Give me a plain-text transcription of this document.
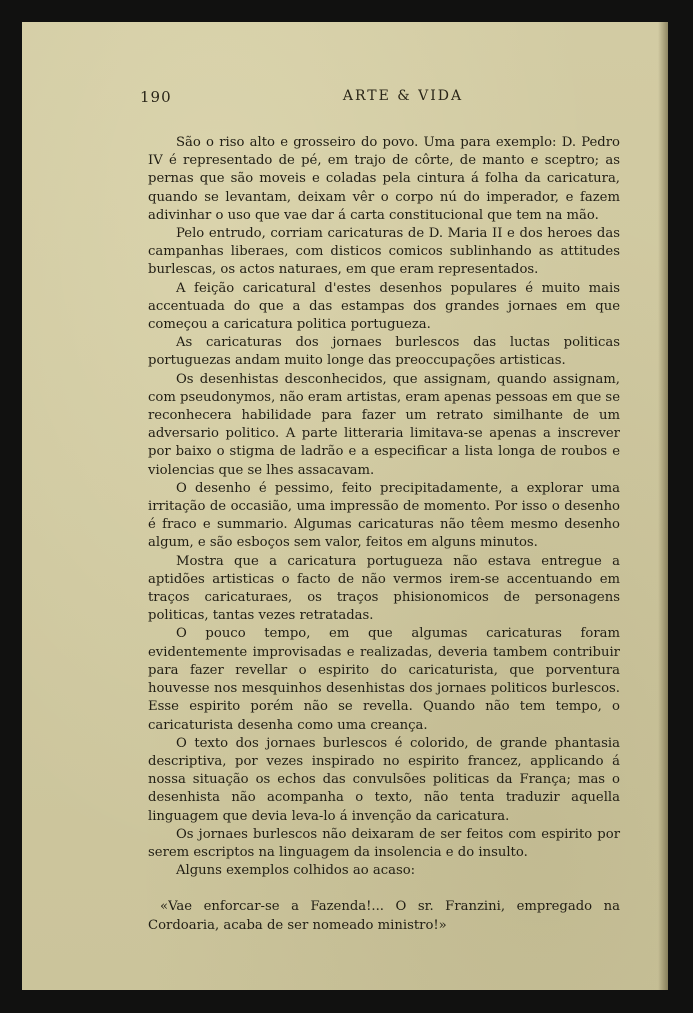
190	ARTE & VIDA

São o riso alto e grosseiro do povo. Uma para exemplo: D. Pedro IV é representado de pé, em trajo de côrte, de manto e sceptro; as pernas que são moveis e coladas pela cintura á folha da caricatura, quando se levantam, deixam vêr o corpo nú do imperador, e fazem adivinhar o uso que vae dar á carta constitucional que tem na mão.

Pelo entrudo, corriam caricaturas de D. Maria II e dos heroes das campanhas liberaes, com disticos comicos sublinhando as attitudes burlescas, os actos naturaes, em que eram representados.

A feição caricatural d'estes desenhos populares é muito mais accentuada do que a das estampas dos grandes jornaes em que começou a caricatura politica portugueza.

As caricaturas dos jornaes burlescos das luctas politicas portuguezas andam muito longe das preoccupações artisticas.

Os desenhistas desconhecidos, que assignam, quando assignam, com pseudonymos, não eram artistas, eram apenas pessoas em que se reconhecera habilidade para fazer um retrato similhante de um adversario politico. A parte litteraria limitava-se apenas a inscrever por baixo o stigma de ladrão e a especificar a lista longa de roubos e violencias que se lhes assacavam.

O desenho é pessimo, feito precipitadamente, a explorar uma irritação de occasião, uma impressão de momento. Por isso o desenho é fraco e summario. Algumas caricaturas não têem mesmo desenho algum, e são esboços sem valor, feitos em alguns minutos.

Mostra que a caricatura portugueza não estava entregue a aptidões artisticas o facto de não vermos irem-se accentuando em traços caricaturaes, os traços phisionomicos de personagens politicas, tantas vezes retratadas.

O pouco tempo, em que algumas caricaturas foram evidentemente improvisadas e realizadas, deveria tambem contribuir para fazer revellar o espirito do caricaturista, que porventura houvesse nos mesquinhos desenhistas dos jornaes politicos burlescos. Esse espirito porém não se revella. Quando não tem tempo, o caricaturista desenha como uma creança.

O texto dos jornaes burlescos é colorido, de grande phantasia descriptiva, por vezes inspirado no espirito francez, applicando á nossa situação os echos das convulsões politicas da França; mas o desenhista não acompanha o texto, não tenta traduzir aquella linguagem que devia leva-lo á invenção da caricatura.

Os jornaes burlescos não deixaram de ser feitos com espirito por serem escriptos na linguagem da insolencia e do insulto.

Alguns exemplos colhidos ao acaso:

«Vae enforcar-se a Fazenda!... O sr. Franzini, empregado na Cordoaria, acaba de ser nomeado ministro!»
